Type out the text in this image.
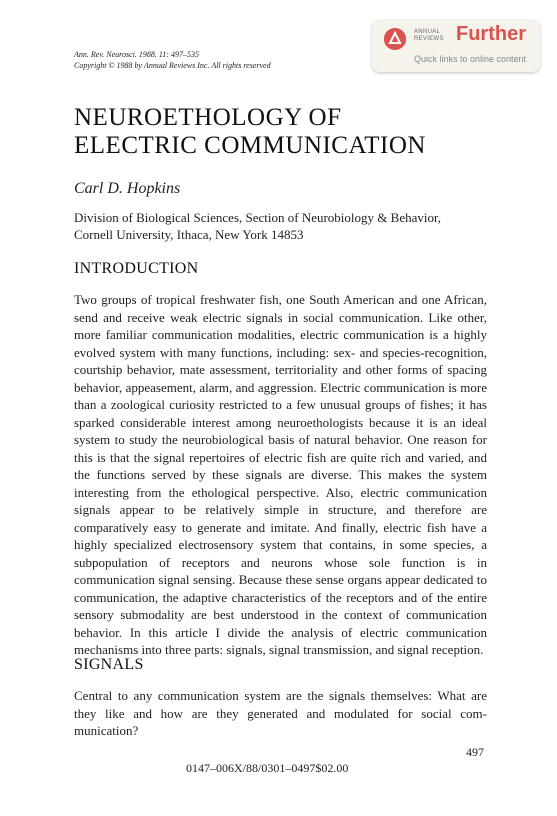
Ann. Rev. Neurosci. 1988. 11: 497–535
Copyright © 1988 by Annual Reviews Inc. All rights reserved
ANNUAL
REVIEWS Further
Quick links to online content
NEUROETHOLOGY OF
ELECTRIC COMMUNICATION
Carl D. Hopkins
Division of Biological Sciences, Section of Neurobiology & Behavior,
Cornell University, Ithaca, New York 14853
INTRODUCTION
Two groups of tropical freshwater fish, one South American and one African, send and receive weak electric signals in social communication. Like other, more familiar communication modalities, electric communication is a highly evolved system with many functions, including: sex- and species-recognition, courtship behavior, mate assessment, territoriality and other forms of spacing behavior, appeasement, alarm, and aggression. Electric communication is more than a zoological curiosity restricted to a few unusual groups of fishes; it has sparked considerable interest among neuroethologists because it is an ideal system to study the neurobiological basis of natural behavior. One reason for this is that the signal repertoires of electric fish are quite rich and varied, and the functions served by these signals are diverse. This makes the system interesting from the ethological perspective. Also, electric communication signals appear to be relatively simple in structure, and therefore are comparatively easy to generate and imitate. And finally, electric fish have a highly specialized electrosensory system that contains, in some species, a subpopulation of receptors and neurons whose sole function is in communication signal sensing. Because these sense organs appear dedicated to communication, the adaptive characteristics of the receptors and of the entire sensory submodality are best understood in the context of communication behavior. In this article I divide the analysis of electric communication mechanisms into three parts: signals, signal transmission, and signal reception.
SIGNALS
Central to any communication system are the signals themselves: What are they like and how are they generated and modulated for social communication?
497
0147–006X/88/0301–0497$02.00
